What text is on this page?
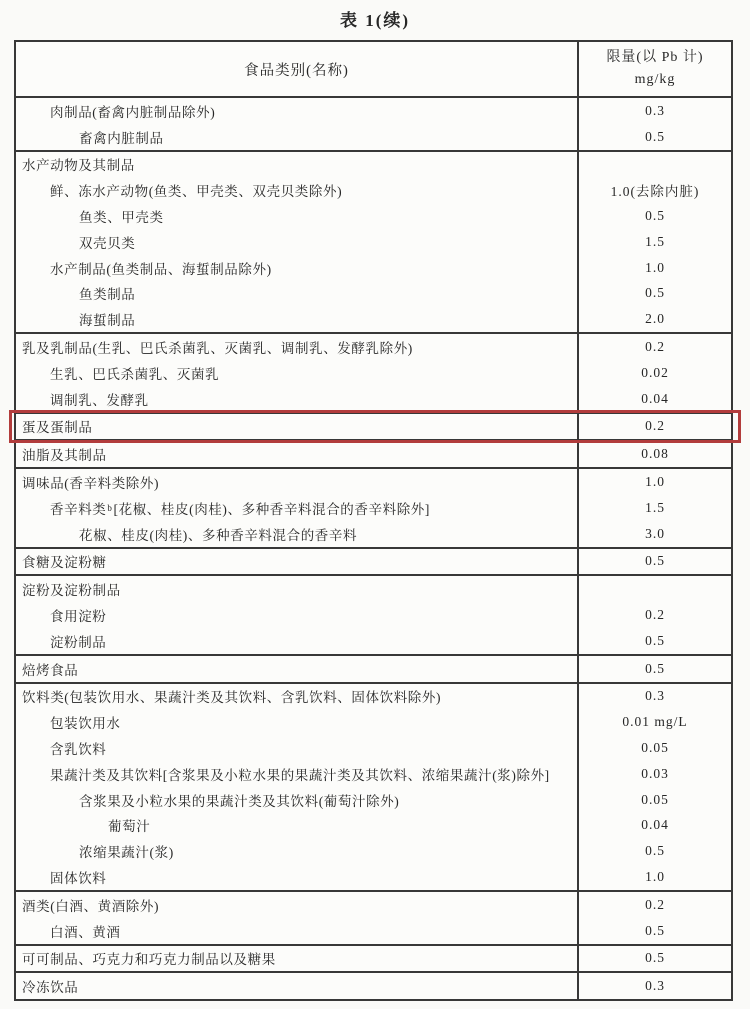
表 1(续)
食品类别(名称)
限量(以 Pb 计)
mg/kg
肉制品(畜禽内脏制品除外)	0.3
畜禽内脏制品	0.5
水产动物及其制品
鲜、冻水产动物(鱼类、甲壳类、双壳贝类除外)	1.0(去除内脏)
鱼类、甲壳类	0.5
双壳贝类	1.5
水产制品(鱼类制品、海蜇制品除外)	1.0
鱼类制品	0.5
海蜇制品	2.0
乳及乳制品(生乳、巴氏杀菌乳、灭菌乳、调制乳、发酵乳除外)	0.2
生乳、巴氏杀菌乳、灭菌乳	0.02
调制乳、发酵乳	0.04
蛋及蛋制品	0.2
油脂及其制品	0.08
调味品(香辛料类除外)	1.0
香辛料类 b [花椒、桂皮(肉桂)、多种香辛料混合的香辛料除外]	1.5
花椒、桂皮(肉桂)、多种香辛料混合的香辛料	3.0
食糖及淀粉糖	0.5
淀粉及淀粉制品
食用淀粉	0.2
淀粉制品	0.5
焙烤食品	0.5
饮料类(包装饮用水、果蔬汁类及其饮料、含乳饮料、固体饮料除外)	0.3
包装饮用水	0.01 mg/L
含乳饮料	0.05
果蔬汁类及其饮料[含浆果及小粒水果的果蔬汁类及其饮料、浓缩果蔬汁(浆)除外]	0.03
含浆果及小粒水果的果蔬汁类及其饮料(葡萄汁除外)	0.05
葡萄汁	0.04
浓缩果蔬汁(浆)	0.5
固体饮料	1.0
酒类(白酒、黄酒除外)	0.2
白酒、黄酒	0.5
可可制品、巧克力和巧克力制品以及糖果	0.5
冷冻饮品	0.3
